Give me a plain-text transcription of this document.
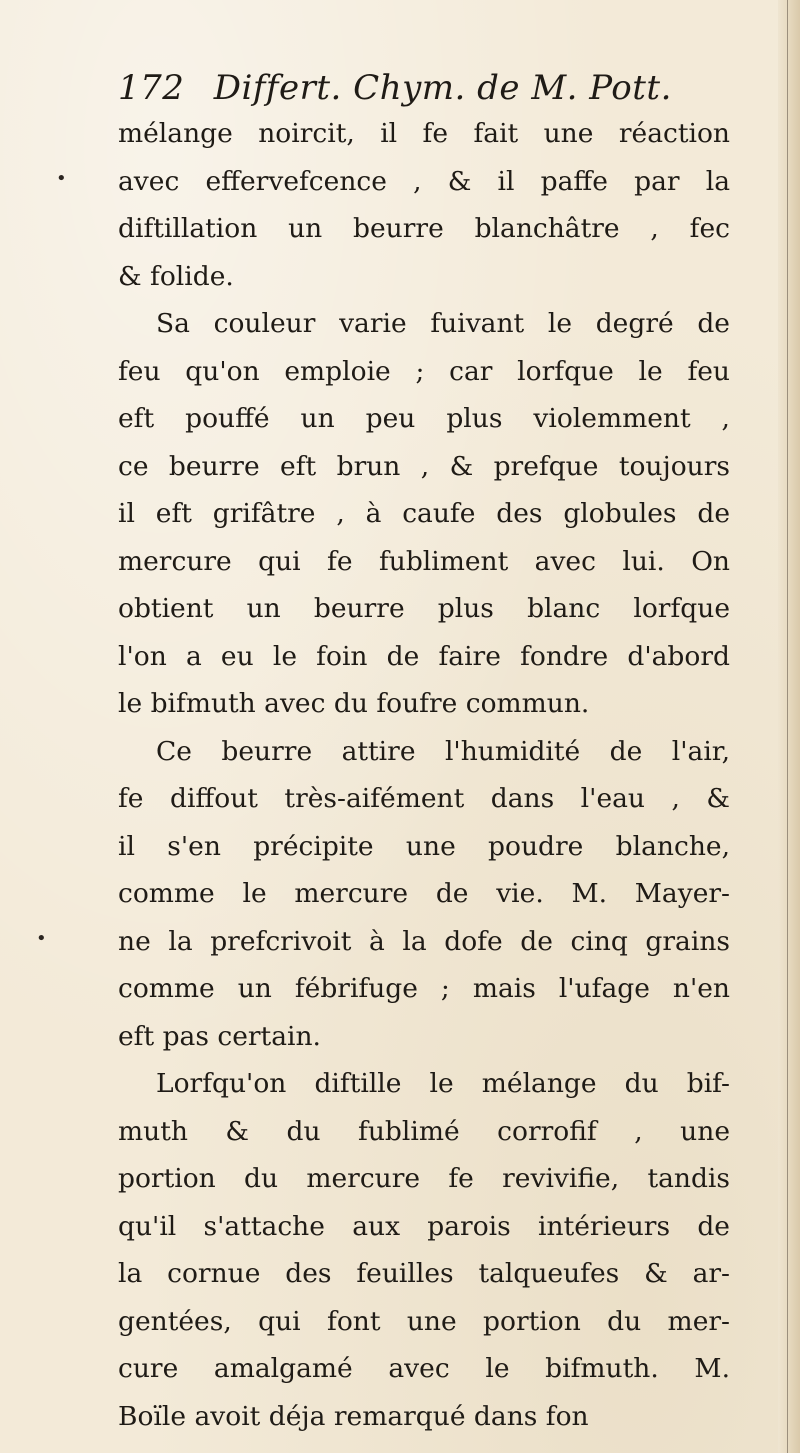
172 Differt. Chym. de M. Pott.
•
•
mélange noircit, il fe fait une réaction
avec effervefcence , & il paffe par la
diftillation un beurre blanchâtre , fec
& folide.
Sa couleur varie fuivant le degré de
feu qu'on emploie ; car lorfque le feu
eft pouffé un peu plus violemment ,
ce beurre eft brun , & prefque toujours
il eft grifâtre , à caufe des globules de
mercure qui fe fubliment avec lui. On
obtient un beurre plus blanc lorfque
l'on a eu le foin de faire fondre d'abord
le bifmuth avec du foufre commun.
Ce beurre attire l'humidité de l'air,
fe diffout très-aifément dans l'eau , &
il s'en précipite une poudre blanche,
comme le mercure de vie. M. Mayer-
ne la prefcrivoit à la dofe de cinq grains
comme un fébrifuge ; mais l'ufage n'en
eft pas certain.
Lorfqu'on diftille le mélange du bif-
muth & du fublimé corrofif , une
portion du mercure fe revivifie, tandis
qu'il s'attache aux parois intérieurs de
la cornue des feuilles talqueufes & ar-
gentées, qui font une portion du mer-
cure amalgamé avec le bifmuth. M.
Boïle avoit déja remarqué dans fon
